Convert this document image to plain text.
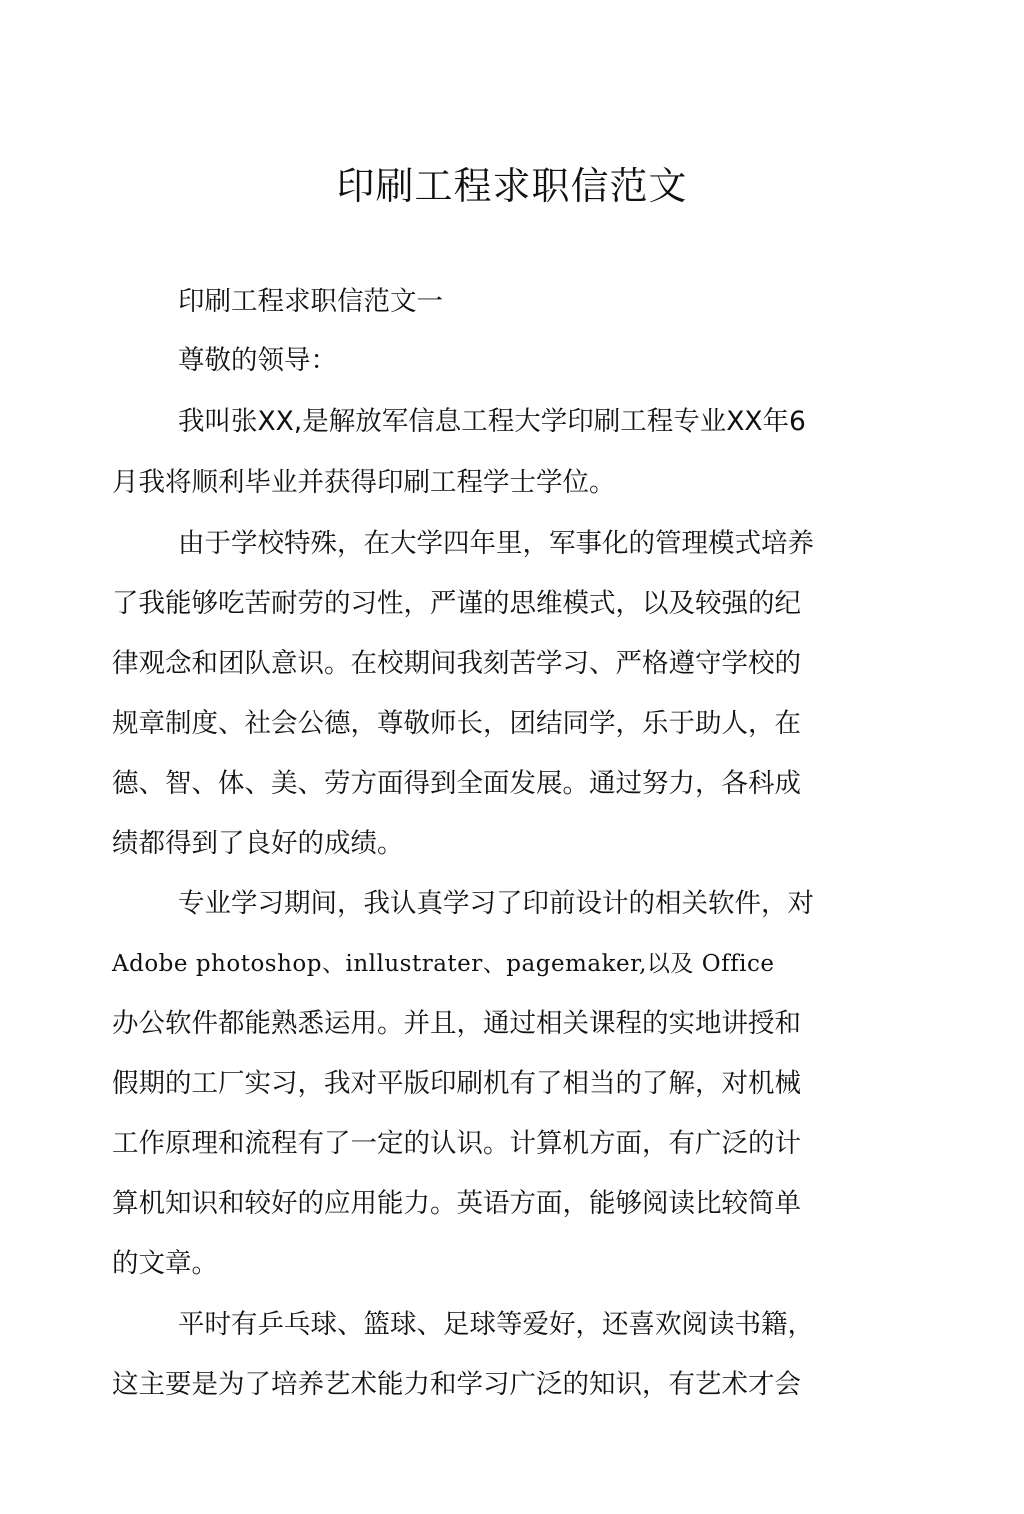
印刷工程求职信范文

印刷工程求职信范文一

尊敬的领导：

我叫张XX,是解放军信息工程大学印刷工程专业XX年6

月我将顺利毕业并获得印刷工程学士学位。

由于学校特殊，在大学四年里，军事化的管理模式培养

了我能够吃苦耐劳的习性，严谨的思维模式，以及较强的纪

律观念和团队意识。在校期间我刻苦学习、严格遵守学校的

规章制度、社会公德，尊敬师长，团结同学，乐于助人，在

德、智、体、美、劳方面得到全面发展。通过努力，各科成

绩都得到了良好的成绩。

专业学习期间，我认真学习了印前设计的相关软件，对

Adobe photoshop、inllustrater、pagemaker,以及 Office

办公软件都能熟悉运用。并且，通过相关课程的实地讲授和

假期的工厂实习，我对平版印刷机有了相当的了解，对机械

工作原理和流程有了一定的认识。计算机方面，有广泛的计

算机知识和较好的应用能力。英语方面，能够阅读比较简单

的文章。

平时有乒乓球、篮球、足球等爱好，还喜欢阅读书籍，

这主要是为了培养艺术能力和学习广泛的知识，有艺术才会
